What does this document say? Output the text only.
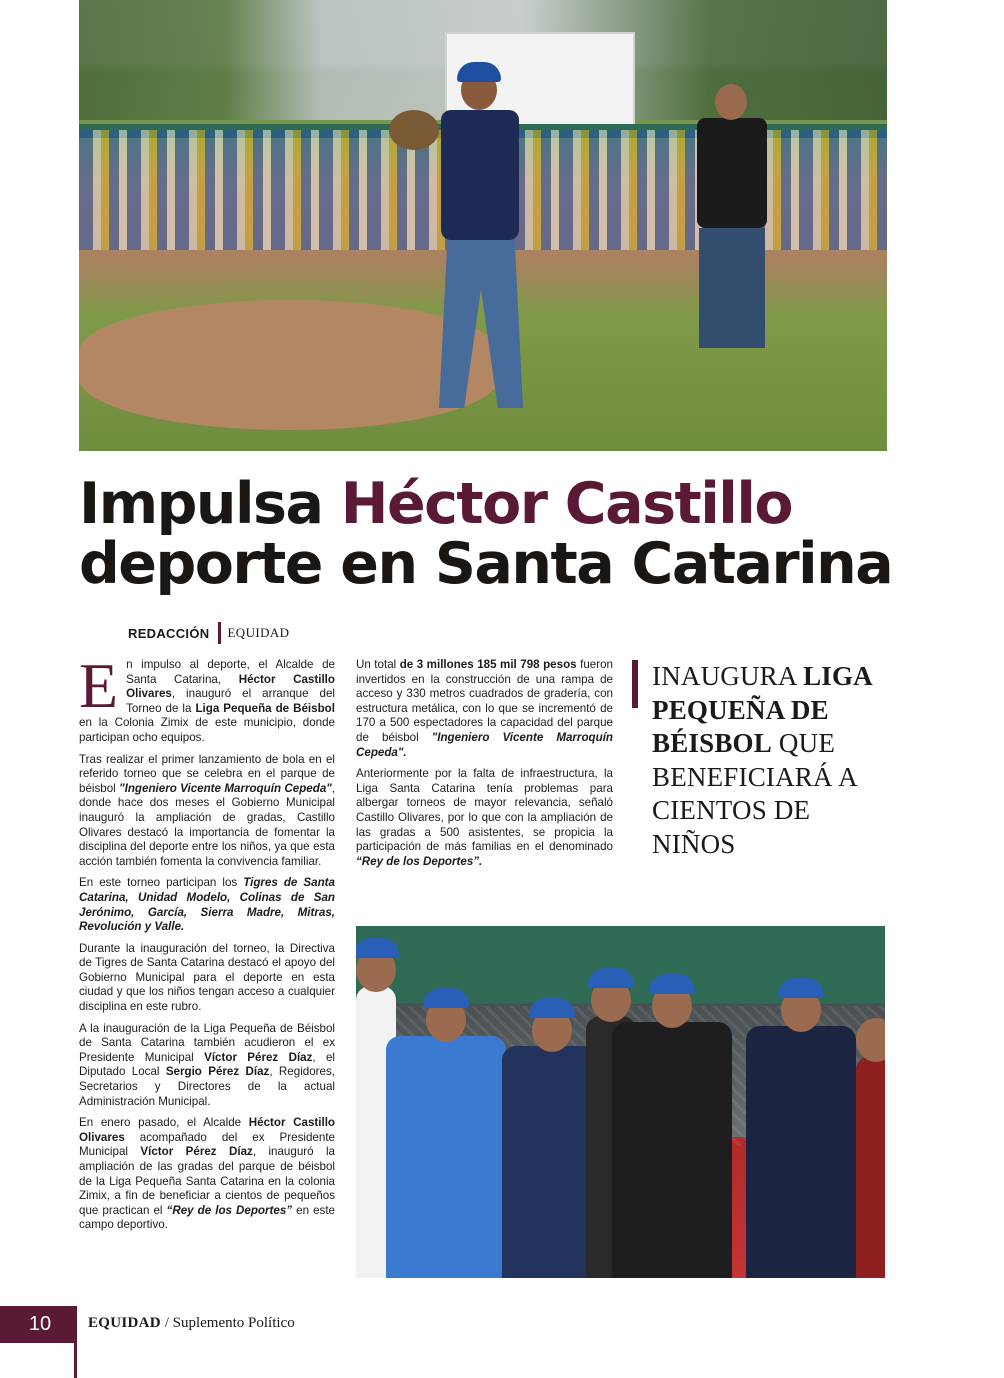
Impulsa Héctor Castillo
deporte en Santa Catarina
REDACCIÓN EQUIDAD

En impulso al deporte, el Alcalde de Santa Catarina, Héctor Castillo Olivares, inauguró el arranque del Torneo de la Liga Pequeña de Béisbol en la Colonia Zimix de este municipio, donde participan ocho equipos.

Tras realizar el primer lanzamiento de bola en el referido torneo que se celebra en el parque de béisbol "Ingeniero Vicente Marroquín Cepeda", donde hace dos meses el Gobierno Municipal inauguró la ampliación de gradas, Castillo Olivares destacó la importancia de fomentar la disciplina del deporte entre los niños, ya que esta acción también fomenta la convivencia familiar.

En este torneo participan los Tigres de Santa Catarina, Unidad Modelo, Colinas de San Jerónimo, García, Sierra Madre, Mitras, Revolución y Valle.

Durante la inauguración del torneo, la Directiva de Tigres de Santa Catarina destacó el apoyo del Gobierno Municipal para el deporte en esta ciudad y que los niños tengan acceso a cualquier disciplina en este rubro.

A la inauguración de la Liga Pequeña de Béisbol de Santa Catarina también acudieron el ex Presidente Municipal Víctor Pérez Díaz, el Diputado Local Sergio Pérez Díaz, Regidores, Secretarios y Directores de la actual Administración Municipal.

En enero pasado, el Alcalde Héctor Castillo Olivares acompañado del ex Presidente Municipal Víctor Pérez Díaz, inauguró la ampliación de las gradas del parque de béisbol de la Liga Pequeña Santa Catarina en la colonia Zimix, a fin de beneficiar a cientos de pequeños que practican el “Rey de los Deportes” en este campo deportivo.

Un total de 3 millones 185 mil 798 pesos fueron invertidos en la construcción de una rampa de acceso y 330 metros cuadrados de gradería, con estructura metálica, con lo que se incrementó de 170 a 500 espectadores la capacidad del parque de béisbol "Ingeniero Vicente Marroquín Cepeda".

Anteriormente por la falta de infraestructura, la Liga Santa Catarina tenía problemas para albergar torneos de mayor relevancia, señaló Castillo Olivares, por lo que con la ampliación de las gradas a 500 asistentes, se propicia la participación de más familias en el denominado “Rey de los Deportes”.

INAUGURA LIGA PEQUEÑA DE BÉISBOL QUE BENEFICIARÁ A CIENTOS DE NIÑOS

10	EQUIDAD / Suplemento Político
